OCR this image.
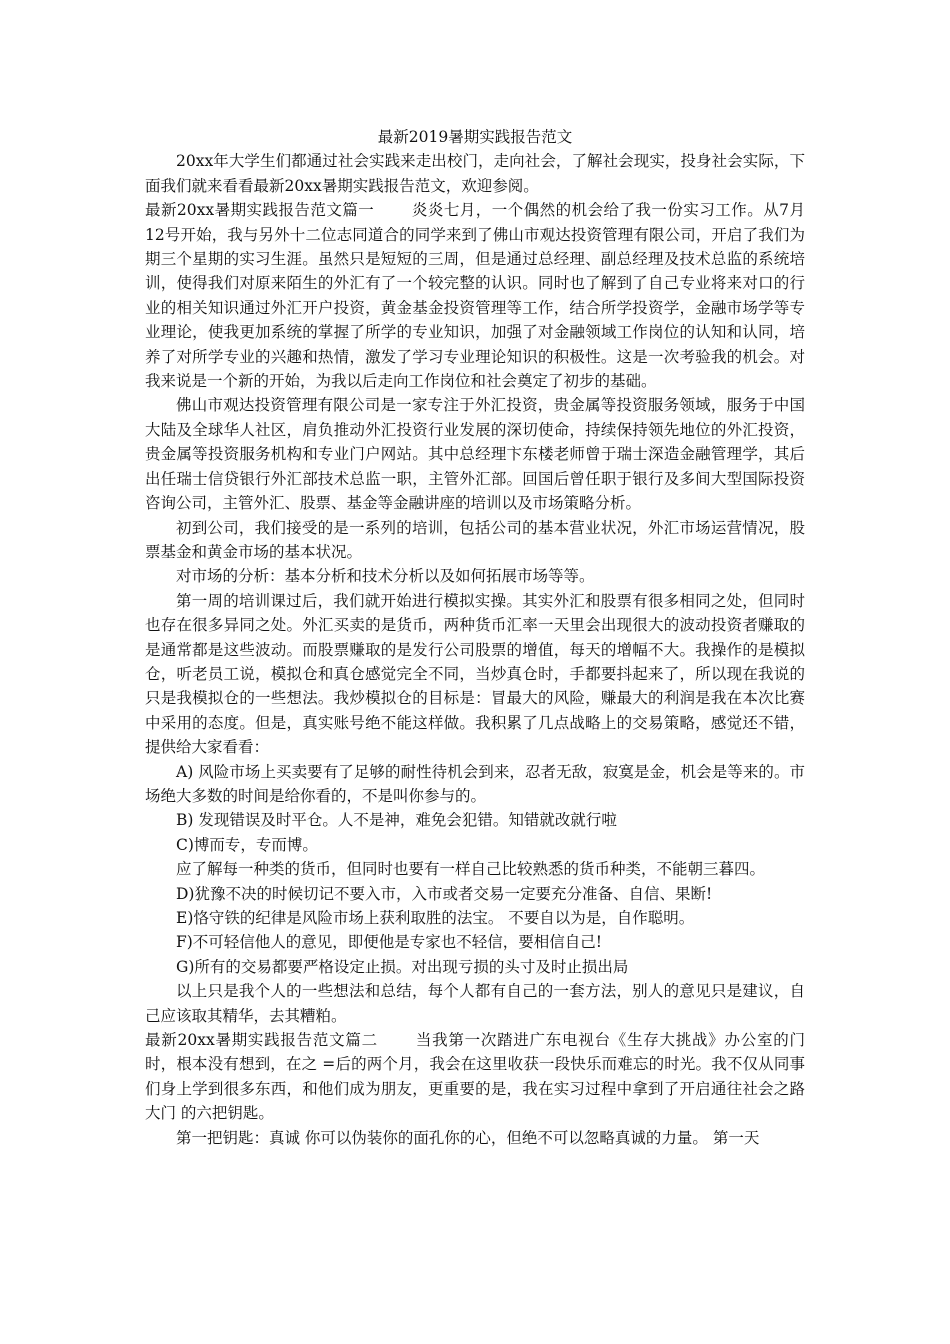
最新2019暑期实践报告范文

20xx年大学生们都通过社会实践来走出校门，走向社会，了解社会现实，投身社会实际，下面我们就来看看最新20xx暑期实践报告范文，欢迎参阅。

最新20xx暑期实践报告范文篇一 炎炎七月，一个偶然的机会给了我一份实习工作。从7月12号开始，我与另外十二位志同道合的同学来到了佛山市观达投资管理有限公司，开启了我们为期三个星期的实习生涯。虽然只是短短的三周，但是通过总经理、副总经理及技术总监的系统培训，使得我们对原来陌生的外汇有了一个较完整的认识。同时也了解到了自己专业将来对口的行业的相关知识通过外汇开户投资，黄金基金投资管理等工作，结合所学投资学，金融市场学等专业理论，使我更加系统的掌握了所学的专业知识，加强了对金融领域工作岗位的认知和认同，培养了对所学专业的兴趣和热情，激发了学习专业理论知识的积极性。这是一次考验我的机会。对我来说是一个新的开始，为我以后走向工作岗位和社会奠定了初步的基础。

佛山市观达投资管理有限公司是一家专注于外汇投资，贵金属等投资服务领域，服务于中国大陆及全球华人社区，肩负推动外汇投资行业发展的深切使命，持续保持领先地位的外汇投资，贵金属等投资服务机构和专业门户网站。其中总经理卞东楼老师曾于瑞士深造金融管理学，其后出任瑞士信贷银行外汇部技术总监一职，主管外汇部。回国后曾任职于银行及多间大型国际投资咨询公司，主管外汇、股票、基金等金融讲座的培训以及市场策略分析。

初到公司，我们接受的是一系列的培训，包括公司的基本营业状况，外汇市场运营情况，股票基金和黄金市场的基本状况。

对市场的分析：基本分析和技术分析以及如何拓展市场等等。

第一周的培训课过后，我们就开始进行模拟实操。其实外汇和股票有很多相同之处，但同时也存在很多异同之处。外汇买卖的是货币，两种货币汇率一天里会出现很大的波动投资者赚取的是通常都是这些波动。而股票赚取的是发行公司股票的增值，每天的增幅不大。我操作的是模拟仓，听老员工说，模拟仓和真仓感觉完全不同，当炒真仓时，手都要抖起来了，所以现在我说的只是我模拟仓的一些想法。我炒模拟仓的目标是：冒最大的风险，赚最大的利润是我在本次比赛中采用的态度。但是，真实账号绝不能这样做。我积累了几点战略上的交易策略，感觉还不错，提供给大家看看：

A) 风险市场上买卖要有了足够的耐性待机会到来，忍者无敌，寂寞是金，机会是等来的。市场绝大多数的时间是给你看的，不是叫你参与的。

B) 发现错误及时平仓。人不是神，难免会犯错。知错就改就行啦

C)博而专，专而博。

应了解每一种类的货币，但同时也要有一样自己比较熟悉的货币种类，不能朝三暮四。

D)犹豫不决的时候切记不要入市，入市或者交易一定要充分准备、自信、果断!

E)恪守铁的纪律是风险市场上获利取胜的法宝。 不要自以为是，自作聪明。

F)不可轻信他人的意见，即便他是专家也不轻信，要相信自己!

G)所有的交易都要严格设定止损。对出现亏损的头寸及时止损出局

以上只是我个人的一些想法和总结，每个人都有自己的一套方法，别人的意见只是建议，自己应该取其精华，去其糟粕。

最新20xx暑期实践报告范文篇二 当我第一次踏进广东电视台《生存大挑战》办公室的门时，根本没有想到，在之 =后的两个月，我会在这里收获一段快乐而难忘的时光。我不仅从同事们身上学到很多东西，和他们成为朋友，更重要的是，我在实习过程中拿到了开启通往社会之路大门 的六把钥匙。

第一把钥匙：真诚 你可以伪装你的面孔你的心，但绝不可以忽略真诚的力量。 第一天
